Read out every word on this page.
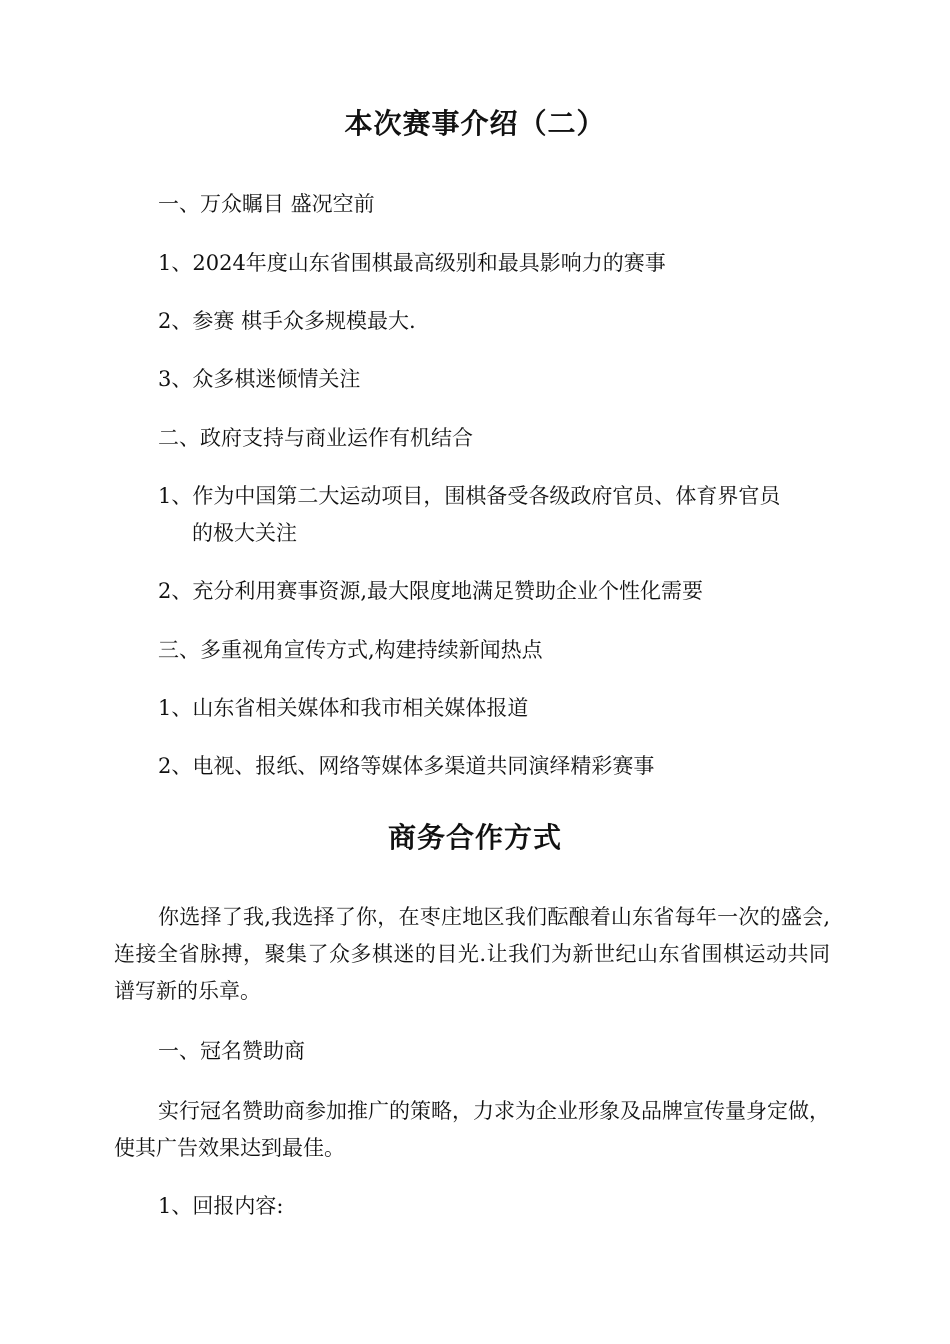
本次赛事介绍（二）
一、万众瞩目 盛况空前
1、2024年度山东省围棋最高级别和最具影响力的赛事
2、参赛 棋手众多规模最大.
3、众多棋迷倾情关注
二、政府支持与商业运作有机结合
1、作为中国第二大运动项目，围棋备受各级政府官员、体育界官员
的极大关注
2、充分利用赛事资源,最大限度地满足赞助企业个性化需要
三、多重视角宣传方式,构建持续新闻热点
1、山东省相关媒体和我市相关媒体报道
2、电视、报纸、网络等媒体多渠道共同演绎精彩赛事
商务合作方式
你选择了我,我选择了你，在枣庄地区我们酝酿着山东省每年一次的盛会,连接全省脉搏，聚集了众多棋迷的目光.让我们为新世纪山东省围棋运动共同谱写新的乐章。
一、冠名赞助商
实行冠名赞助商参加推广的策略，力求为企业形象及品牌宣传量身定做，使其广告效果达到最佳。
1、回报内容:
